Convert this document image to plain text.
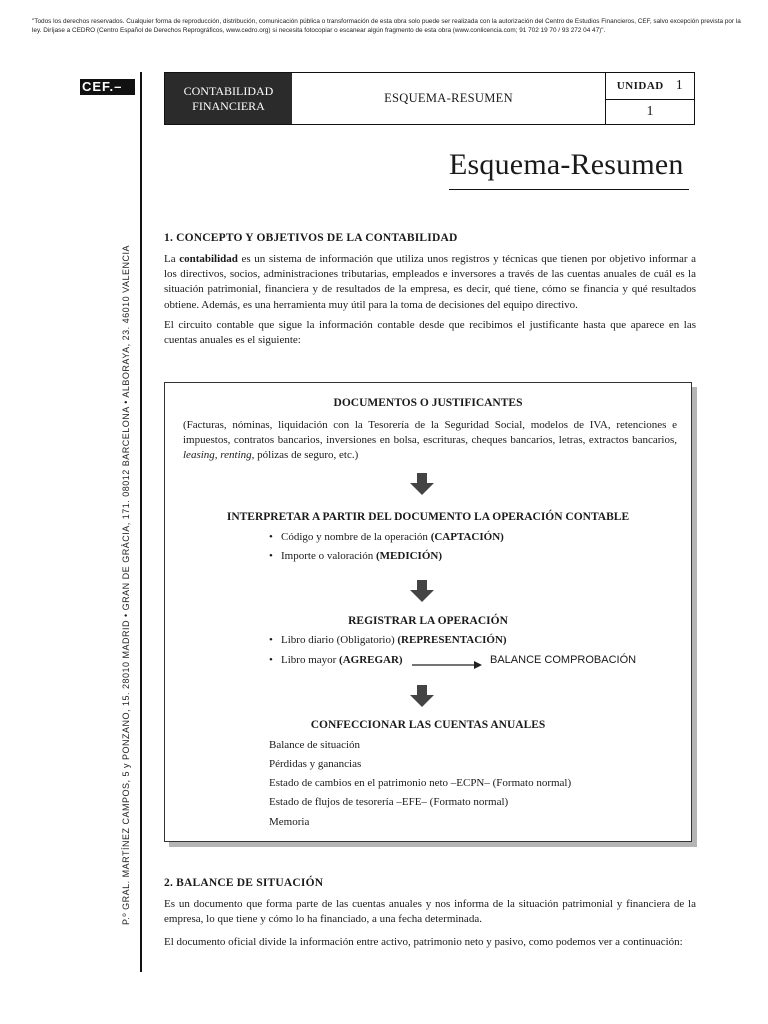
"Todos los derechos reservados. Cualquier forma de reproducción, distribución, comunicación pública o transformación de esta obra solo puede ser realizada con la autorización del Centro de Estudios Financieros, CEF, salvo excepción prevista por la ley. Diríjase a CEDRO (Centro Español de Derechos Reprográficos, www.cedro.org) si necesita fotocopiar o escanear algún fragmento de esta obra (www.conlicencia.com; 91 702 19 70 / 93 272 04 47)".
CEF.–
P.º GRAL. MARTÍNEZ CAMPOS, 5 y PONZANO, 15. 28010 MADRID • GRAN DE GRÀCIA, 171. 08012 BARCELONA • ALBORAYA, 23. 46010 VALENCIA
CONTABILIDAD
FINANCIERA
ESQUEMA-RESUMEN
UNIDAD 1
1
Esquema-Resumen
1. CONCEPTO Y OBJETIVOS DE LA CONTABILIDAD
La contabilidad es un sistema de información que utiliza unos registros y técnicas que tienen por objetivo informar a los directivos, socios, administraciones tributarias, empleados e inversores a través de las cuentas anuales de cuál es la situación patrimonial, financiera y de resultados de la empresa, es decir, qué tiene, cómo se financia y qué resultados obtiene. Además, es una herramienta muy útil para la toma de decisiones del equipo directivo.
El circuito contable que sigue la información contable desde que recibimos el justificante hasta que aparece en las cuentas anuales es el siguiente:
DOCUMENTOS O JUSTIFICANTES
(Facturas, nóminas, liquidación con la Tesorería de la Seguridad Social, modelos de IVA, retenciones e impuestos, contratos bancarios, inversiones en bolsa, escrituras, cheques bancarios, letras, extractos bancarios, leasing, renting, pólizas de seguro, etc.)
INTERPRETAR A PARTIR DEL DOCUMENTO LA OPERACIÓN CONTABLE
• Código y nombre de la operación (CAPTACIÓN)
• Importe o valoración (MEDICIÓN)
REGISTRAR LA OPERACIÓN
• Libro diario (Obligatorio) (REPRESENTACIÓN)
• Libro mayor (AGREGAR)	BALANCE COMPROBACIÓN
CONFECCIONAR LAS CUENTAS ANUALES
Balance de situación
Pérdidas y ganancias
Estado de cambios en el patrimonio neto –ECPN– (Formato normal)
Estado de flujos de tesorería –EFE– (Formato normal)
Memoria
2. BALANCE DE SITUACIÓN
Es un documento que forma parte de las cuentas anuales y nos informa de la situación patrimonial y financiera de la empresa, lo que tiene y cómo lo ha financiado, a una fecha determinada.
El documento oficial divide la información entre activo, patrimonio neto y pasivo, como podemos ver a continuación:
